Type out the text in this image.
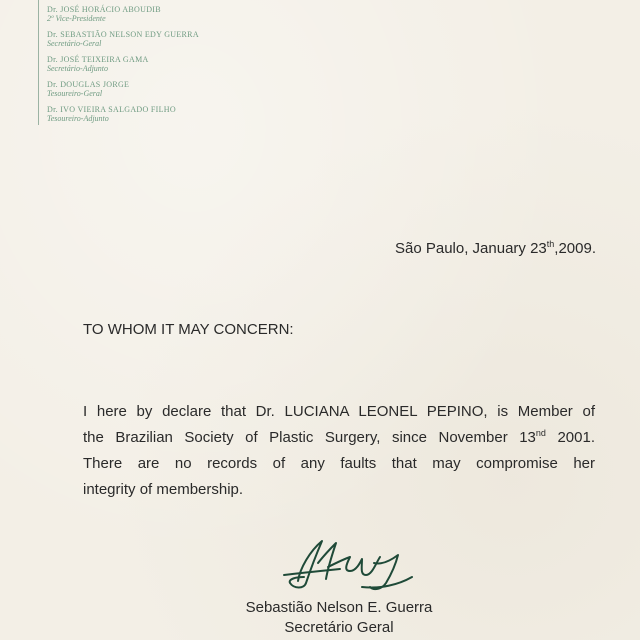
Dr. JOSÉ HORÁCIO ABOUDIB
2º Vice-Presidente
Dr. SEBASTIÃO NELSON EDY GUERRA
Secretário-Geral
Dr. JOSÉ TEIXEIRA GAMA
Secretário-Adjunto
Dr. DOUGLAS JORGE
Tesoureiro-Geral
Dr. IVO VIEIRA SALGADO FILHO
Tesoureiro-Adjunto
São Paulo, January 23th,2009.
TO WHOM IT MAY CONCERN:
I here by declare that Dr. LUCIANA LEONEL PEPINO, is Member of
the Brazilian Society of Plastic Surgery, since November 13nd 2001.
There are no records of any faults that may compromise her
integrity of membership.
Sebastião Nelson E. Guerra
Secretário Geral
